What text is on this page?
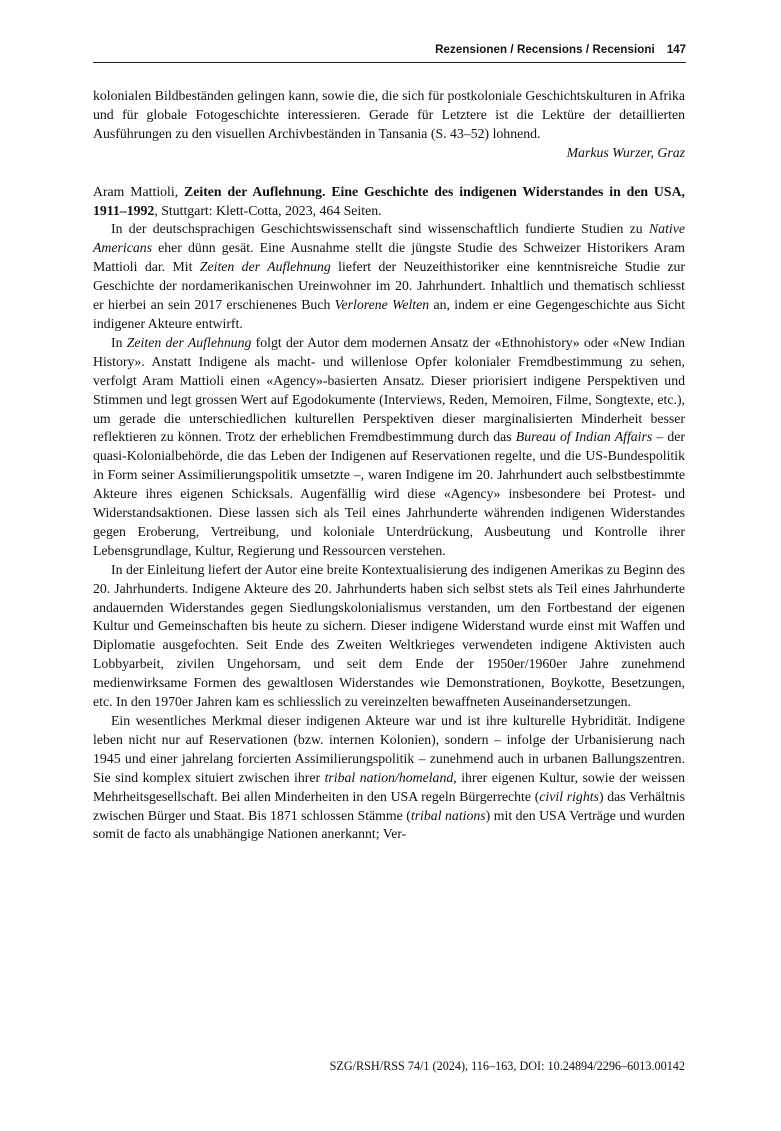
Rezensionen / Recensions / Recensioni 147

kolonialen Bildbeständen gelingen kann, sowie die, die sich für postkoloniale Geschichtskulturen in Afrika und für globale Fotogeschichte interessieren. Gerade für Letztere ist die Lektüre der detaillierten Ausführungen zu den visuellen Archivbeständen in Tansania (S. 43–52) lohnend.

Markus Wurzer, Graz

Aram Mattioli, Zeiten der Auflehnung. Eine Geschichte des indigenen Widerstandes in den USA, 1911–1992, Stuttgart: Klett-Cotta, 2023, 464 Seiten.

In der deutschsprachigen Geschichtswissenschaft sind wissenschaftlich fundierte Studien zu Native Americans eher dünn gesät. Eine Ausnahme stellt die jüngste Studie des Schweizer Historikers Aram Mattioli dar. Mit Zeiten der Auflehnung liefert der Neuzeithistoriker eine kenntnisreiche Studie zur Geschichte der nordamerikanischen Ureinwohner im 20. Jahrhundert. Inhaltlich und thematisch schliesst er hierbei an sein 2017 erschienenes Buch Verlorene Welten an, indem er eine Gegengeschichte aus Sicht indigener Akteure entwirft.

In Zeiten der Auflehnung folgt der Autor dem modernen Ansatz der «Ethnohistory» oder «New Indian History». Anstatt Indigene als macht- und willenlose Opfer kolonialer Fremdbestimmung zu sehen, verfolgt Aram Mattioli einen «Agency»-basierten Ansatz. Dieser priorisiert indigene Perspektiven und Stimmen und legt grossen Wert auf Egodokumente (Interviews, Reden, Memoiren, Filme, Songtexte, etc.), um gerade die unterschiedlichen kulturellen Perspektiven dieser marginalisierten Minderheit besser reflektieren zu können. Trotz der erheblichen Fremdbestimmung durch das Bureau of Indian Affairs – der quasi-Kolonialbehörde, die das Leben der Indigenen auf Reservationen regelte, und die US-Bundespolitik in Form seiner Assimilierungspolitik umsetzte –, waren Indigene im 20. Jahrhundert auch selbstbestimmte Akteure ihres eigenen Schicksals. Augenfällig wird diese «Agency» insbesondere bei Protest- und Widerstandsaktionen. Diese lassen sich als Teil eines Jahrhunderte währenden indigenen Widerstandes gegen Eroberung, Vertreibung, und koloniale Unterdrückung, Ausbeutung und Kontrolle ihrer Lebensgrundlage, Kultur, Regierung und Ressourcen verstehen.

In der Einleitung liefert der Autor eine breite Kontextualisierung des indigenen Amerikas zu Beginn des 20. Jahrhunderts. Indigene Akteure des 20. Jahrhunderts haben sich selbst stets als Teil eines Jahrhunderte andauernden Widerstandes gegen Siedlungskolonialismus verstanden, um den Fortbestand der eigenen Kultur und Gemeinschaften bis heute zu sichern. Dieser indigene Widerstand wurde einst mit Waffen und Diplomatie ausgefochten. Seit Ende des Zweiten Weltkrieges verwendeten indigene Aktivisten auch Lobbyarbeit, zivilen Ungehorsam, und seit dem Ende der 1950er/1960er Jahre zunehmend medienwirksame Formen des gewaltlosen Widerstandes wie Demonstrationen, Boykotte, Besetzungen, etc. In den 1970er Jahren kam es schliesslich zu vereinzelten bewaffneten Auseinandersetzungen.

Ein wesentliches Merkmal dieser indigenen Akteure war und ist ihre kulturelle Hybridität. Indigene leben nicht nur auf Reservationen (bzw. internen Kolonien), sondern – infolge der Urbanisierung nach 1945 und einer jahrelang forcierten Assimilierungspolitik – zunehmend auch in urbanen Ballungszentren. Sie sind komplex situiert zwischen ihrer tribal nation/homeland, ihrer eigenen Kultur, sowie der weissen Mehrheitsgesellschaft. Bei allen Minderheiten in den USA regeln Bürgerrechte (civil rights) das Verhältnis zwischen Bürger und Staat. Bis 1871 schlossen Stämme (tribal nations) mit den USA Verträge und wurden somit de facto als unabhängige Nationen anerkannt; Ver-

SZG/RSH/RSS 74/1 (2024), 116–163, DOI: 10.24894/2296–6013.00142
